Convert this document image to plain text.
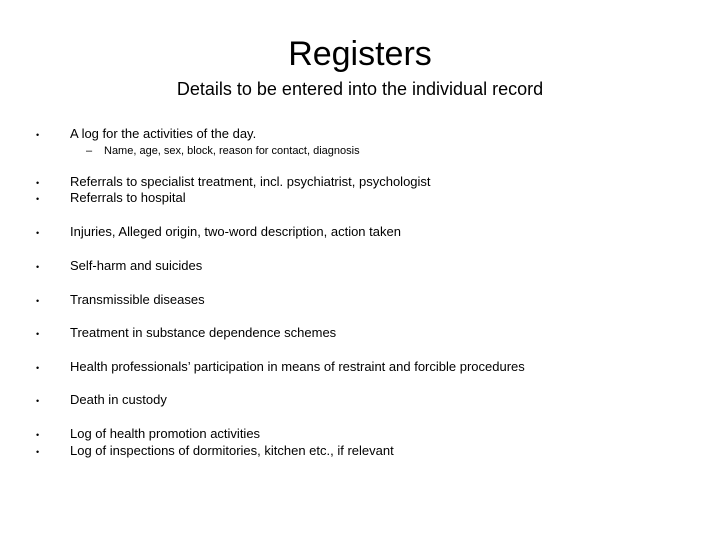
Registers
Details to be entered into the individual record
• A log for the activities of the day.
– Name, age, sex, block, reason for contact, diagnosis
• Referrals to specialist treatment, incl. psychiatrist, psychologist
• Referrals to hospital
• Injuries, Alleged origin, two-word description, action taken
• Self-harm and suicides
• Transmissible diseases
• Treatment in substance dependence schemes
• Health professionals’ participation in means of restraint and forcible procedures
• Death in custody
• Log of health promotion activities
• Log of inspections of dormitories, kitchen etc., if relevant
